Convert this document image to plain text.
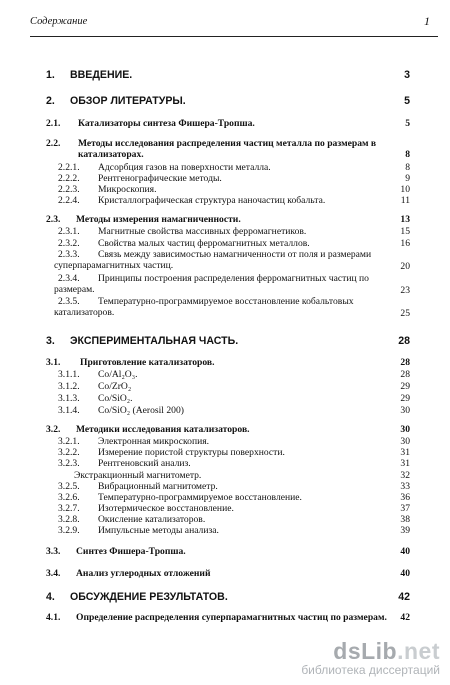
Содержание	1
1. ВВЕДЕНИЕ.	3
2. ОБЗОР ЛИТЕРАТУРЫ.	5
2.1. Катализаторы синтеза Фишера-Тропша.	5
2.2. Методы исследования распределения частиц металла по размерам в катализаторах.	8
2.2.1. Адсорбция газов на поверхности металла.	8
2.2.2. Рентгенографические методы.	9
2.2.3. Микроскопия.	10
2.2.4. Кристаллографическая структура наночастиц кобальта.	11
2.3. Методы измерения намагниченности.	13
2.3.1. Магнитные свойства массивных ферромагнетиков.	15
2.3.2. Свойства малых частиц ферромагнитных металлов.	16
2.3.3.	Связь между зависимостью намагниченности от поля и размерами суперпарамагнитных частиц.	20
2.3.4.	Принципы построения распределения ферромагнитных частиц по размерам.	23
2.3.5.	Температурно-программируемое восстановление кобальтовых катализаторов.	25
3. ЭКСПЕРИМЕНТАЛЬНАЯ ЧАСТЬ.	28
3.1. Приготовление катализаторов.	28
3.1.1. Co/Al₂O₃.	28
3.1.2. Co/ZrO₂	29
3.1.3. Co/SiO₂.	29
3.1.4. Co/SiO₂ (Aerosil 200)	30
3.2. Методики исследования катализаторов.	30
3.2.1. Электронная микроскопия.	30
3.2.2. Измерение пористой структуры поверхности.	31
3.2.3. Рентгеновский анализ.	31
Экстракционный магнитометр.	32
3.2.5. Вибрационный магнитометр.	33
3.2.6. Температурно-программируемое восстановление.	36
3.2.7. Изотермическое восстановление.	37
3.2.8. Окисление катализаторов.	38
3.2.9. Импульсные методы анализа.	39
3.3. Синтез Фишера-Тропша.	40
3.4. Анализ углеродных отложений	40
4. ОБСУЖДЕНИЕ РЕЗУЛЬТАТОВ.	42
4.1. Определение распределения суперпарамагнитных частиц по размерам. 42
dsLib.net
библиотека диссертаций
